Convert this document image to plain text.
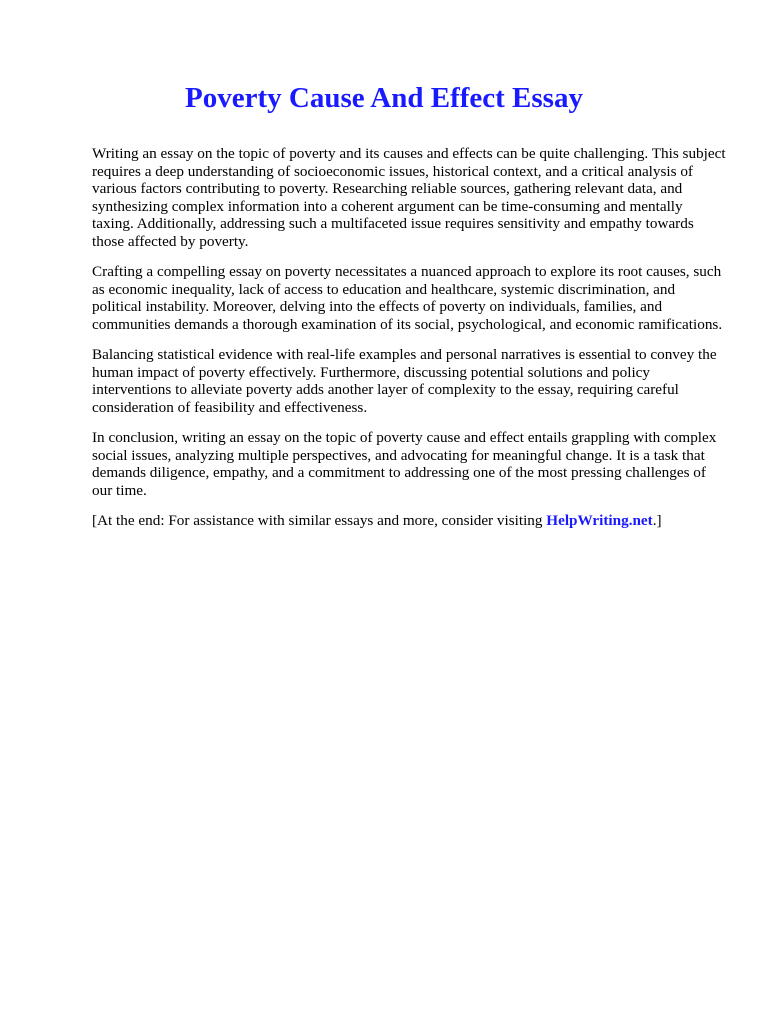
Poverty Cause And Effect Essay

Writing an essay on the topic of poverty and its causes and effects can be quite challenging. This subject requires a deep understanding of socioeconomic issues, historical context, and a critical analysis of various factors contributing to poverty. Researching reliable sources, gathering relevant data, and synthesizing complex information into a coherent argument can be time-consuming and mentally taxing. Additionally, addressing such a multifaceted issue requires sensitivity and empathy towards those affected by poverty.

Crafting a compelling essay on poverty necessitates a nuanced approach to explore its root causes, such as economic inequality, lack of access to education and healthcare, systemic discrimination, and political instability. Moreover, delving into the effects of poverty on individuals, families, and communities demands a thorough examination of its social, psychological, and economic ramifications.

Balancing statistical evidence with real-life examples and personal narratives is essential to convey the human impact of poverty effectively. Furthermore, discussing potential solutions and policy interventions to alleviate poverty adds another layer of complexity to the essay, requiring careful consideration of feasibility and effectiveness.

In conclusion, writing an essay on the topic of poverty cause and effect entails grappling with complex social issues, analyzing multiple perspectives, and advocating for meaningful change. It is a task that demands diligence, empathy, and a commitment to addressing one of the most pressing challenges of our time.

[At the end: For assistance with similar essays and more, consider visiting HelpWriting.net.]
